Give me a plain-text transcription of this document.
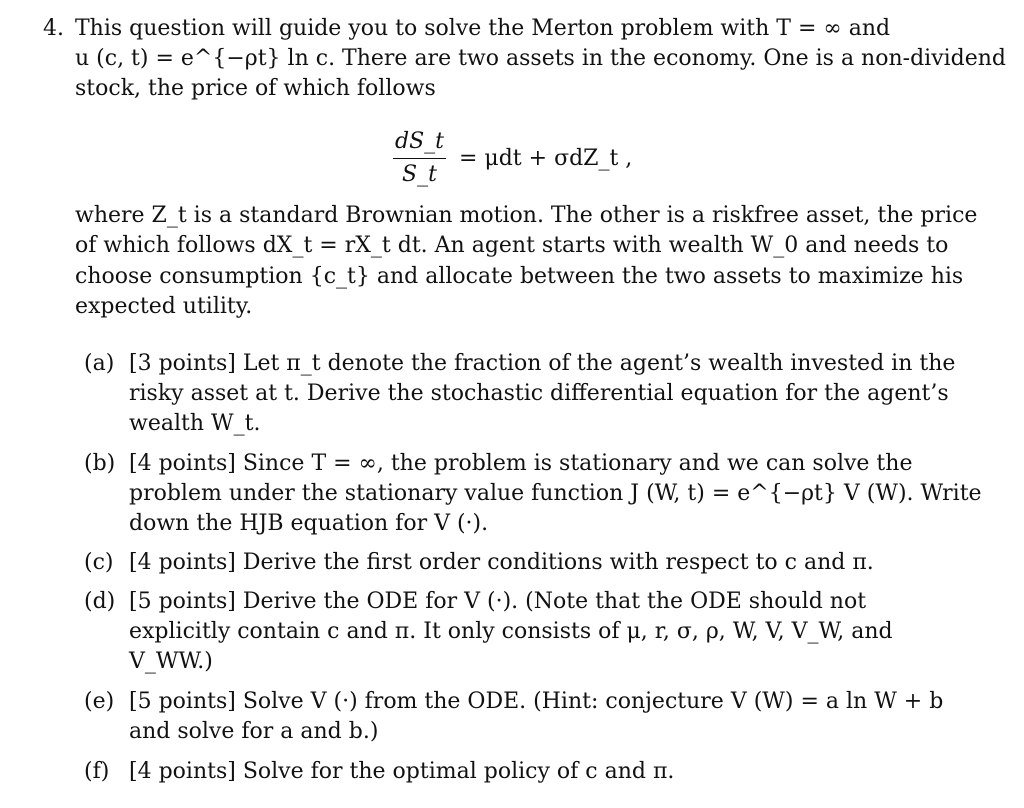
4. This question will guide you to solve the Merton problem with T = ∞ and
u (c, t) = e^{−ρt} ln c. There are two assets in the economy. One is a non-dividend
stock, the price of which follows
$\frac{dS\_t}{S\_t} = \mu dt$ + σdZ_t ,
where Z_t is a standard Brownian motion. The other is a riskfree asset, the price
of which follows dX_t = rX_t dt. An agent starts with wealth W_0 and needs to
choose consumption {c_t} and allocate between the two assets to maximize his
expected utility.
(a) [3 points] Let π_t denote the fraction of the agent’s wealth invested in the
risky asset at t. Derive the stochastic differential equation for the agent’s
wealth W_t.
(b) [4 points] Since T = ∞, the problem is stationary and we can solve the
problem under the stationary value function J (W, t) = e^{−ρt} V (W). Write
down the HJB equation for V (·).
(c) [4 points] Derive the first order conditions with respect to c and π.
(d) [5 points] Derive the ODE for V (·). (Note that the ODE should not
explicitly contain c and π. It only consists of μ, r, σ, ρ, W, V, V_W, and
V_WW.)
(e) [5 points] Solve V (·) from the ODE. (Hint: conjecture V (W) = a ln W + b
and solve for a and b.)
(f) [4 points] Solve for the optimal policy of c and π.
